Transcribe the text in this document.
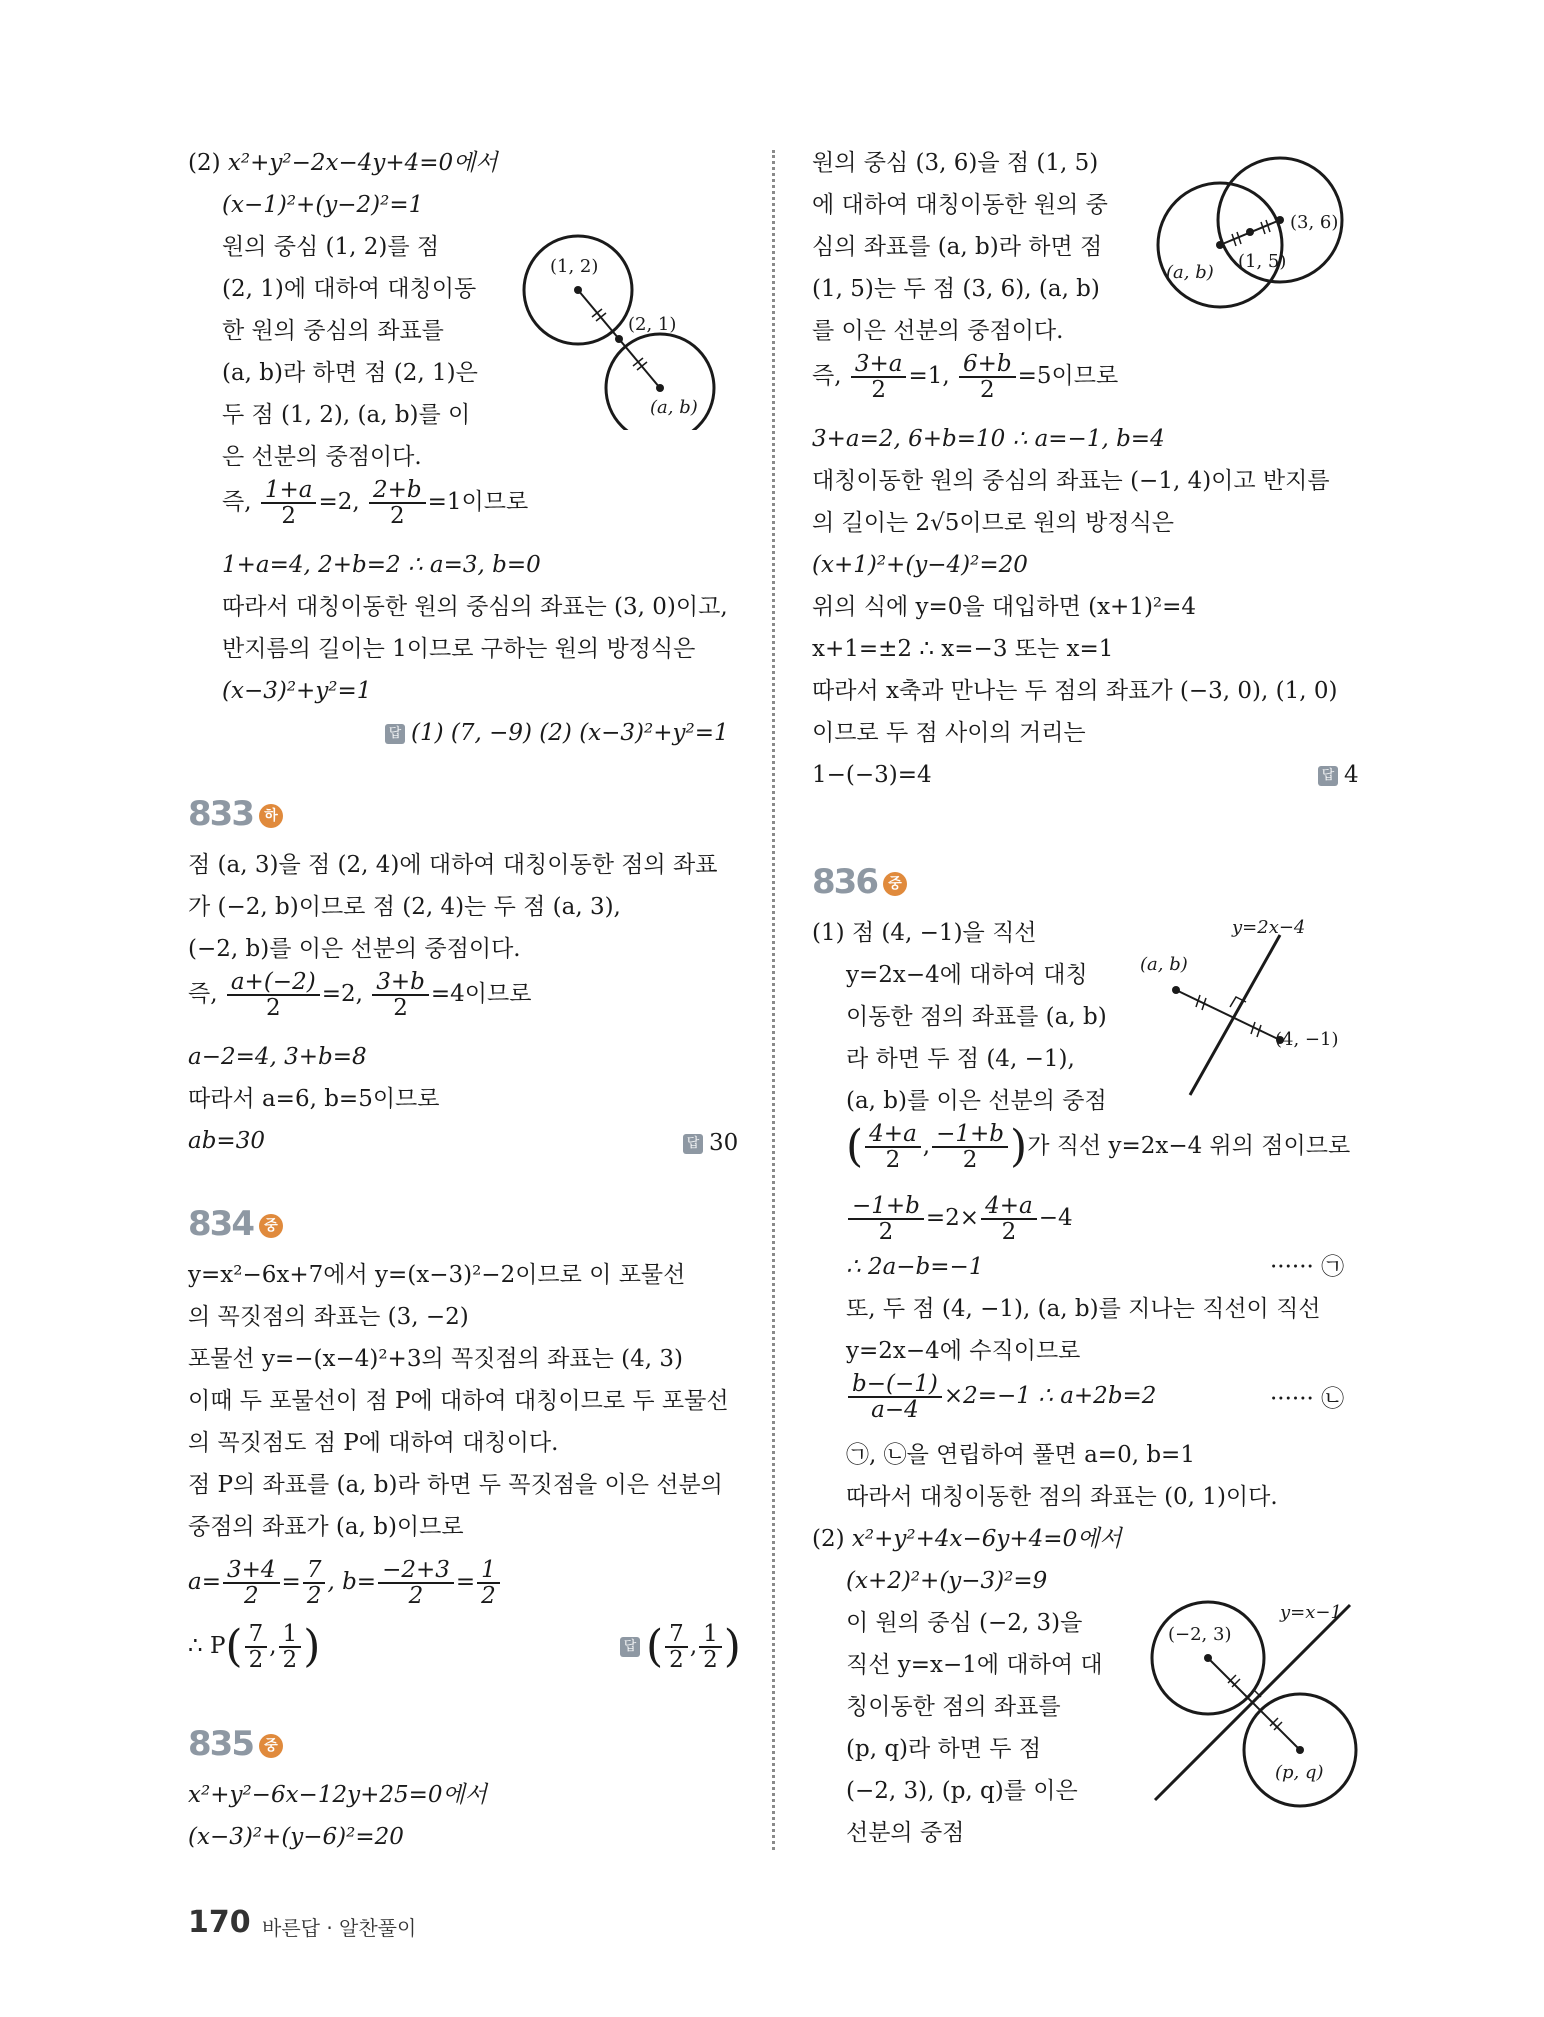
(2) x²+y²−2x−4y+4=0에서
(x−1)²+(y−2)²=1
원의 중심 (1, 2)를 점
(2, 1)에 대하여 대칭이동
한 원의 중심의 좌표를
(a, b)라 하면 점 (2, 1)은
두 점 (1, 2), (a, b)를 이
은 선분의 중점이다.
즉, $\frac{1+a}{2} =2$, $\frac{2+b}{2} =1$이므로
1+a=4, 2+b=2 ∴ a=3, b=0
따라서 대칭이동한 원의 중심의 좌표는 (3, 0)이고,
반지름의 길이는 1이므로 구하는 원의 방정식은
(x−3)²+y²=1
답 (1) (7, −9) (2) (x−3)²+y²=1
(1, 2)
(2, 1)
(a, b)
833 하
점 (a, 3)을 점 (2, 4)에 대하여 대칭이동한 점의 좌표
가 (−2, b)이므로 점 (2, 4)는 두 점 (a, 3),
(−2, b)를 이은 선분의 중점이다.
즉, $\frac{a+(-2)}{2} =2$, $\frac{3+b}{2} =4$이므로
a−2=4, 3+b=8
따라서 a=6, b=5이므로
ab=30	답 30
834 중
y=x²−6x+7에서 y=(x−3)²−2이므로 이 포물선
의 꼭짓점의 좌표는 (3, −2)
포물선 y=−(x−4)²+3의 꼭짓점의 좌표는 (4, 3)
이때 두 포물선이 점 P에 대하여 대칭이므로 두 포물선
의 꼭짓점도 점 P에 대하여 대칭이다.
점 P의 좌표를 (a, b)라 하면 두 꼭짓점을 이은 선분의
중점의 좌표가 (a, b)이므로
$a= \frac{3+4}{2} = \frac{7}{2}$ , $b= \frac{-2+3}{2} = \frac{1}{2}$
∴ $P( \frac{7}{2}$ , $\frac{1}{2}$ )	답 ( $\frac{7}{2}$ , $\frac{1}{2}$ )
835 중
x²+y²−6x−12y+25=0에서
(x−3)²+(y−6)²=20
원의 중심 (3, 6)을 점 (1, 5)
에 대하여 대칭이동한 원의 중
심의 좌표를 (a, b)라 하면 점
(1, 5)는 두 점 (3, 6), (a, b)
를 이은 선분의 중점이다.
즉, $\frac{3+a}{2} =1$, $\frac{6+b}{2} =5$이므로
3+a=2, 6+b=10 ∴ a=−1, b=4
대칭이동한 원의 중심의 좌표는 (−1, 4)이고 반지름
의 길이는 2√5이므로 원의 방정식은
(x+1)²+(y−4)²=20
위의 식에 y=0을 대입하면 (x+1)²=4
x+1=±2 ∴ x=−3 또는 x=1
따라서 x축과 만나는 두 점의 좌표가 (−3, 0), (1, 0)
이므로 두 점 사이의 거리는
1−(−3)=4	답 4
(3, 6)
(1, 5)
(a, b)
836 중
(1) 점 (4, −1)을 직선
y=2x−4에 대하여 대칭
이동한 점의 좌표를 (a, b)
라 하면 두 점 (4, −1),
(a, b)를 이은 선분의 중점
( $\frac{4+a}{2}$ , $\frac{-1+b}{2}$ )가 직선 y=2x−4 위의 점이므로
$\frac{-1+b}{2} =2\times \frac{4+a}{2} -4$
∴ 2a−b=−1	······ ㉠
또, 두 점 (4, −1), (a, b)를 지나는 직선이 직선
y=2x−4에 수직이므로
$\frac{b-(-1)}{a-4} \times 2=-1$ ∴ a+2b=2	······ ㉡
㉠, ㉡을 연립하여 풀면 a=0, b=1
따라서 대칭이동한 점의 좌표는 (0, 1)이다.
(2) x²+y²+4x−6y+4=0에서
(x+2)²+(y−3)²=9
이 원의 중심 (−2, 3)을
직선 y=x−1에 대하여 대
칭이동한 점의 좌표를
(p, q)라 하면 두 점
(−2, 3), (p, q)를 이은
선분의 중점
y=2x−4
(a, b)
(4, −1)
y=x−1
(−2, 3)
(p, q)
170 바른답 · 알찬풀이
